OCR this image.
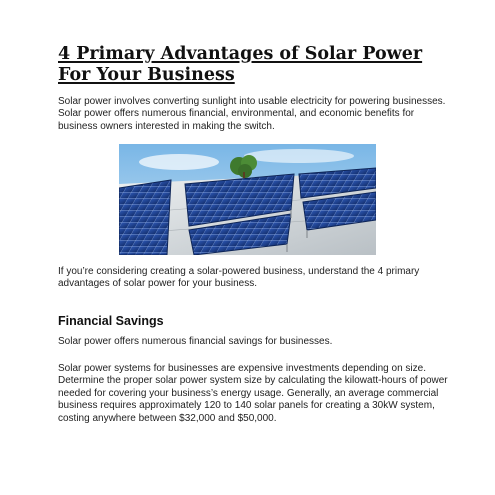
4 Primary Advantages of Solar Power For Your Business

Solar power involves converting sunlight into usable electricity for powering businesses. Solar power offers numerous financial, environmental, and economic benefits for business owners interested in making the switch.

If you’re considering creating a solar-powered business, understand the 4 primary advantages of solar power for your business.

Financial Savings

Solar power offers numerous financial savings for businesses.

Solar power systems for businesses are expensive investments depending on size. Determine the proper solar power system size by calculating the kilowatt-hours of power needed for covering your business’s energy usage. Generally, an average commercial business requires approximately 120 to 140 solar panels for creating a 30kW system, costing anywhere between $32,000 and $50,000.
